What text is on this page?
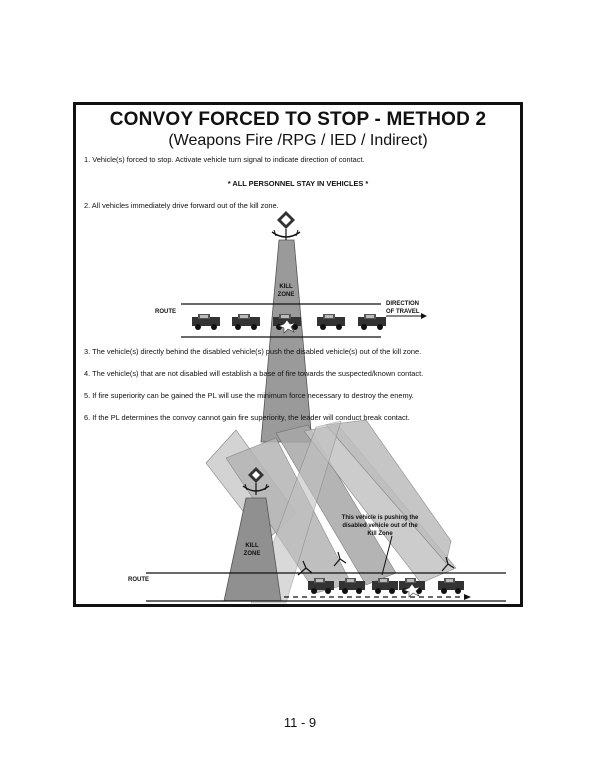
CONVOY FORCED TO STOP - METHOD 2
(Weapons Fire /RPG / IED / Indirect)
1. Vehicle(s) forced to stop. Activate vehicle turn signal to indicate direction of contact.
* ALL PERSONNEL STAY IN VEHICLES *
2. All vehicles immediately drive forward out of the kill zone.
KILL
ZONE
ROUTE
DIRECTION
OF TRAVEL
3. The vehicle(s) directly behind the disabled vehicle(s) push the disabled vehicle(s) out of the kill zone.
4. The vehicle(s) that are not disabled will establish a base of fire towards the suspected/known contact.
5. If fire superiority can be gained the PL will use the minimum force necessary to destroy the enemy.
6. If the PL determines the convoy cannot gain fire superiority, the leader will conduct break contact.
KILL
ZONE
This vehicle is pushing the
disabled vehicle out of the
Kill Zone
ROUTE
11 - 9
